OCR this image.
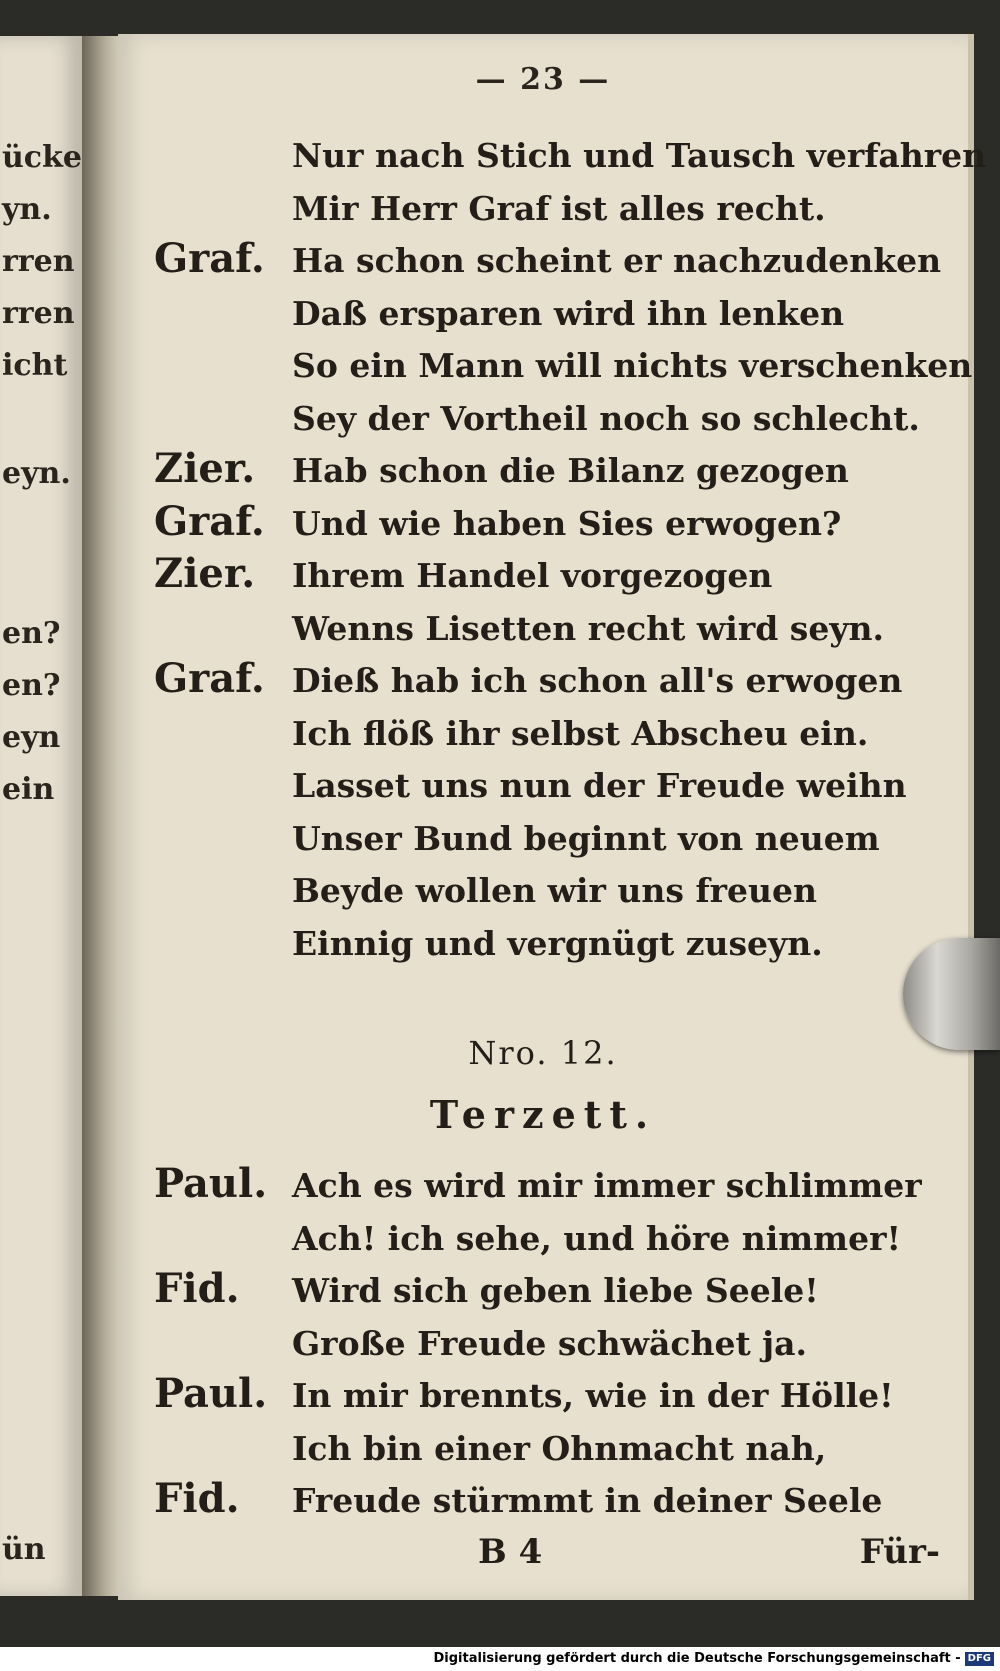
ücke
yn.
rren
rren
icht
eyn.
en?
en?
eyn
ein
ün
— 23 —
Nur nach Stich und Tausch verfahren
Mir Herr Graf ist alles recht.
Graf. Ha schon scheint er nachzudenken
Daß ersparen wird ihn lenken
So ein Mann will nichts verschenken
Sey der Vortheil noch so schlecht.
Zier. Hab schon die Bilanz gezogen
Graf. Und wie haben Sies erwogen?
Zier. Ihrem Handel vorgezogen
Wenns Lisetten recht wird seyn.
Graf. Dieß hab ich schon all's erwogen
Ich flöß ihr selbst Abscheu ein.
Lasset uns nun der Freude weihn
Unser Bund beginnt von neuem
Beyde wollen wir uns freuen
Einnig und vergnügt zuseyn.
Nro. 12.
Terzett.
Paul. Ach es wird mir immer schlimmer
Ach! ich sehe, und höre nimmer!
Fid. Wird sich geben liebe Seele!
Große Freude schwächet ja.
Paul. In mir brennts, wie in der Hölle!
Ich bin einer Ohnmacht nah,
Fid. Freude stürmmt in deiner Seele
B 4	Für-
Digitalisierung gefördert durch die Deutsche Forschungsgemeinschaft - DFG
